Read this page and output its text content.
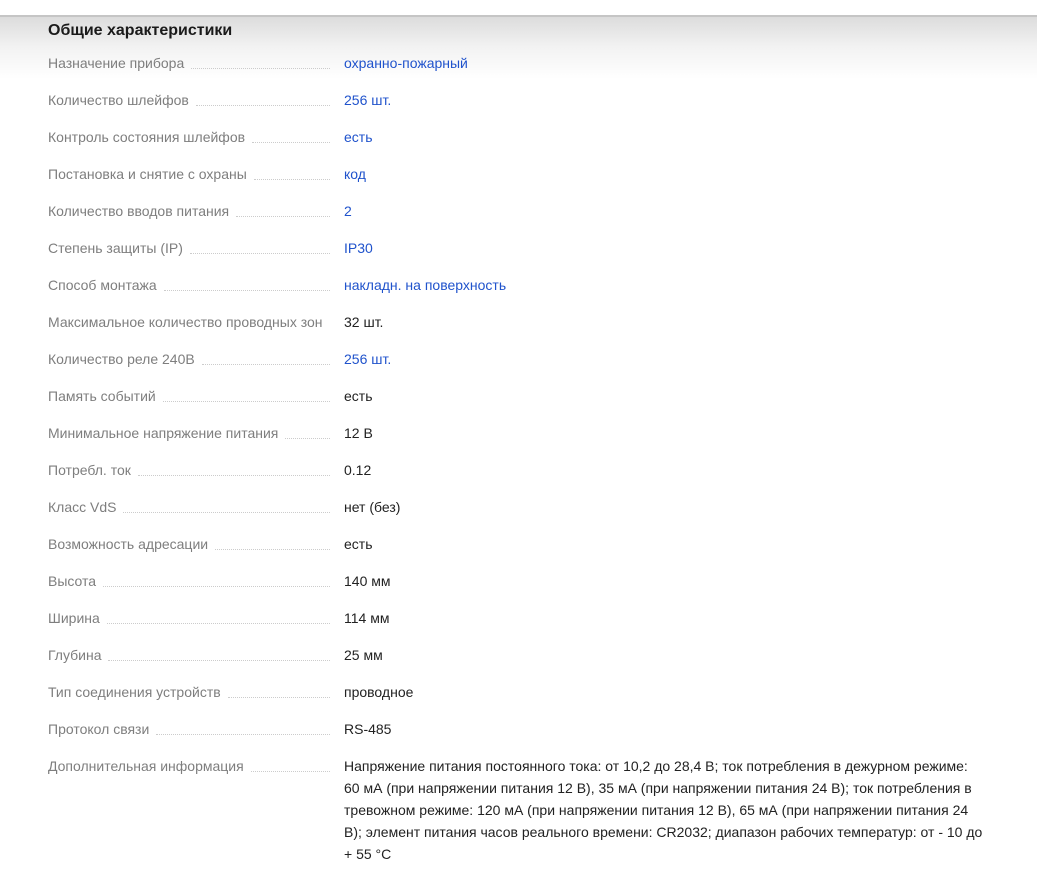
Общие характеристики
Назначение прибора	охранно-пожарный
Количество шлейфов	256 шт.
Контроль состояния шлейфов	есть
Постановка и снятие с охраны	код
Количество вводов питания	2
Степень защиты (IP)	IP30
Способ монтажа	накладн. на поверхность
Максимальное количество проводных зон 32 шт.
Количество реле 240В	256 шт.
Память событий	есть
Минимальное напряжение питания	12 В
Потребл. ток	0.12
Класс VdS	нет (без)
Возможность адресации	есть
Высота	140 мм
Ширина	114 мм
Глубина	25 мм
Тип соединения устройств	проводное
Протокол связи	RS-485
Дополнительная информация	Напряжение питания постоянного тока: от 10,2 до 28,4 В; ток потребления в дежурном режиме: 60 мА (при напряжении питания 12 В), 35 мА (при напряжении питания 24 В); ток потребления в тревожном режиме: 120 мА (при напряжении питания 12 В), 65 мА (при напряжении питания 24 В); элемент питания часов реального времени: CR2032; диапазон рабочих температур: от - 10 до + 55 °C
